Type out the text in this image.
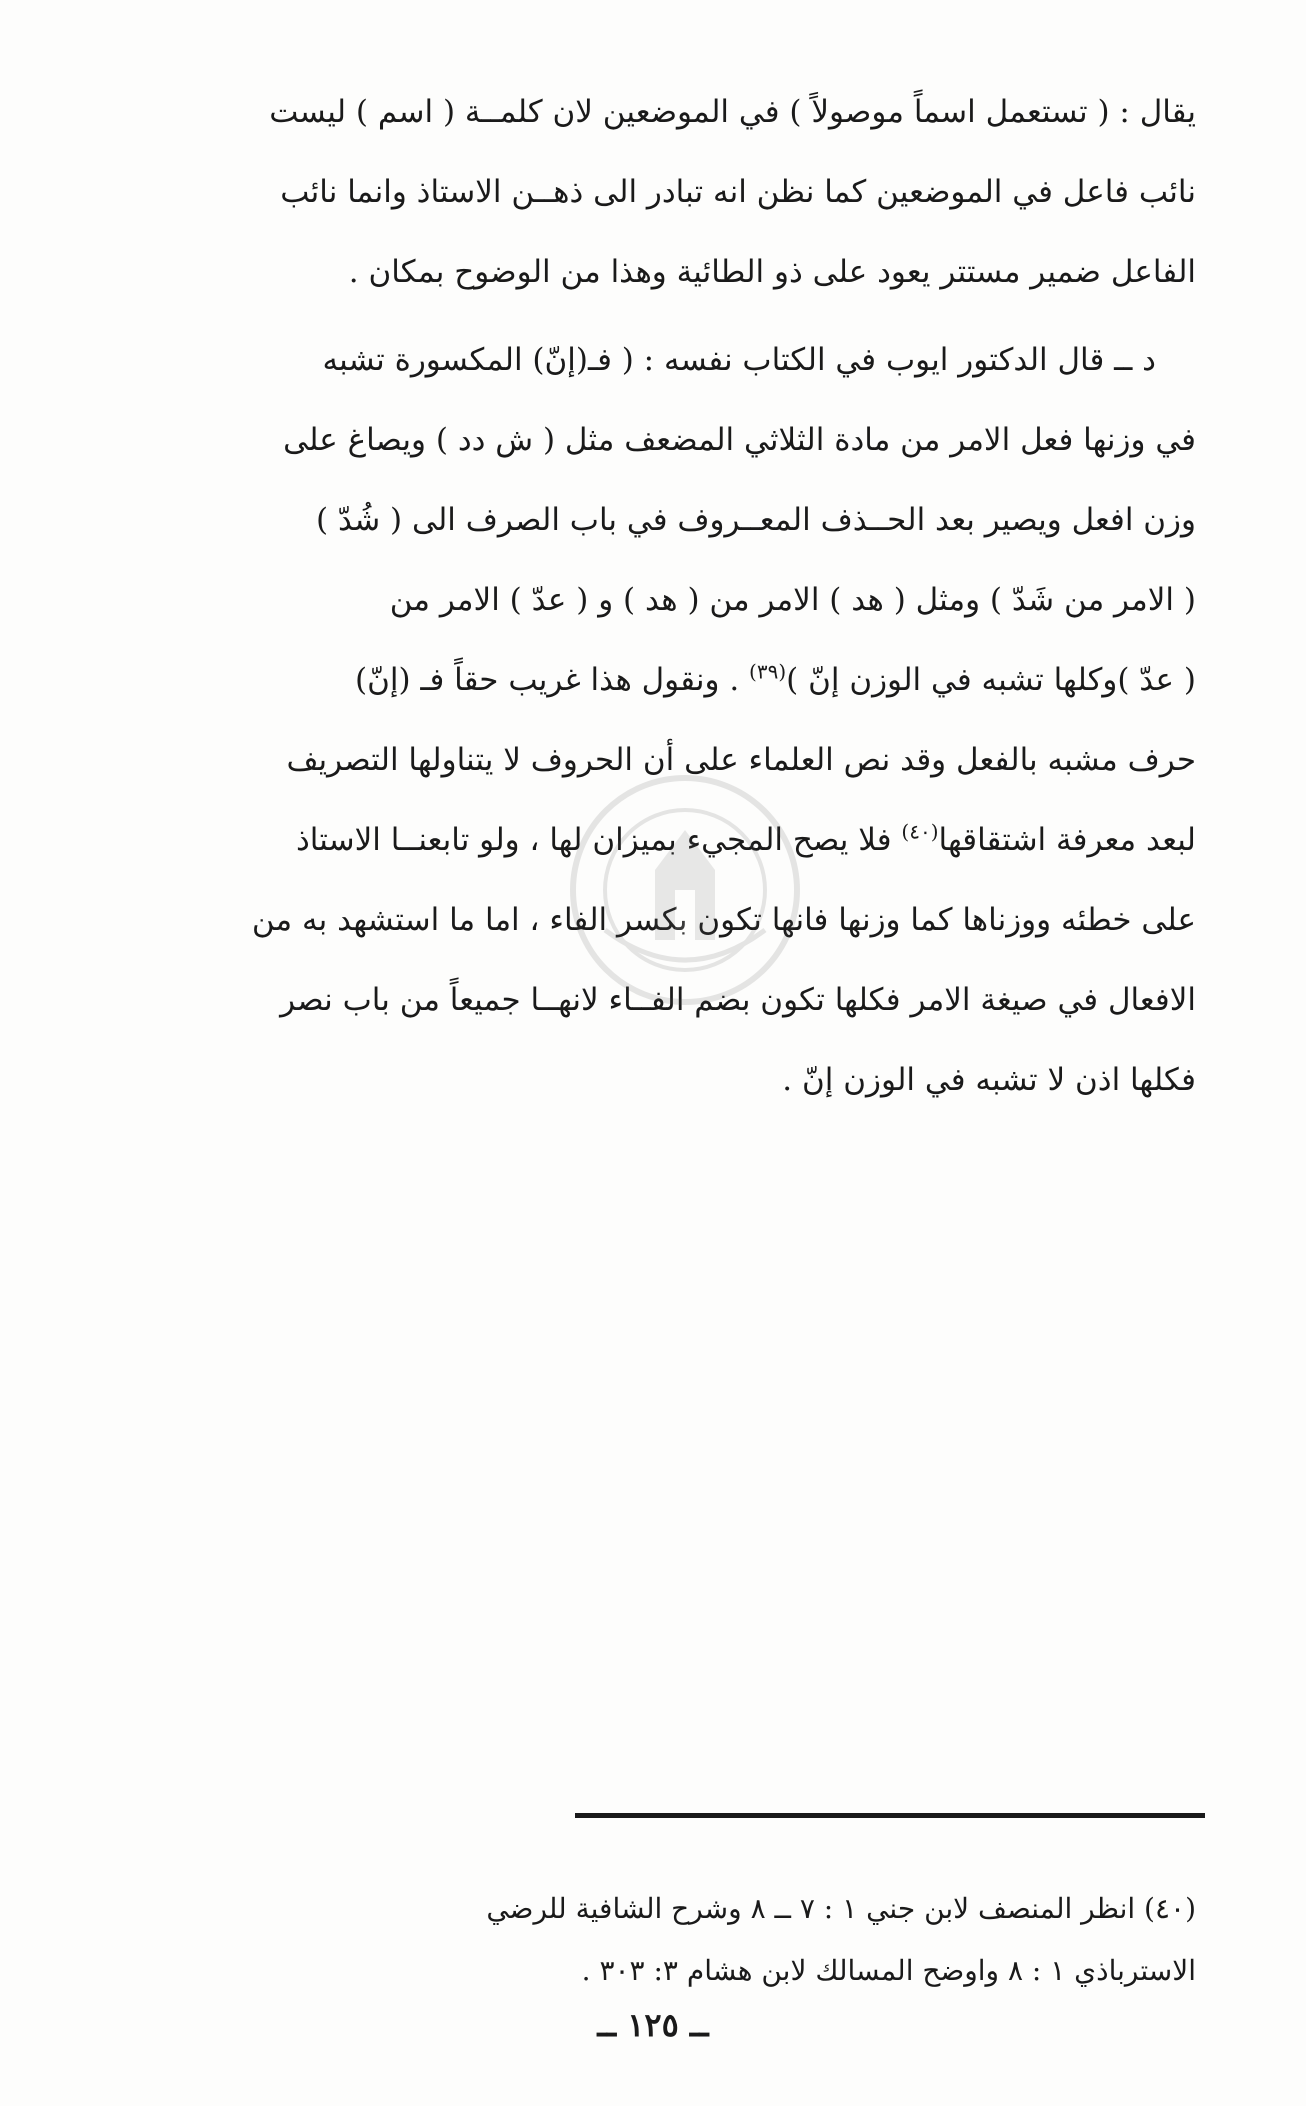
يقال : ( تستعمل اسماً موصولاً ) في الموضعين لان كلمــة ( اسم ) ليست
نائب فاعل في الموضعين كما نظن انه تبادر الى ذهــن الاستاذ وانما نائب
الفاعل ضمير مستتر يعود على ذو الطائية وهذا من الوضوح بمكان .
د ــ قال الدكتور ايوب في الكتاب نفسه : ( فـ(إنّ) المكسورة تشبه
في وزنها فعل الامر من مادة الثلاثي المضعف مثل ( ش دد ) ويصاغ على
وزن افعل ويصير بعد الحــذف المعــروف في باب الصرف الى ( شُدّ )
( الامر من شَدّ ) ومثل ( هد ) الامر من ( هد ) و ( عدّ ) الامر من
( عدّ )وكلها تشبه في الوزن إنّ )$^{(٣٩)}$ . ونقول هذا غريب حقاً فـ (إنّ)
حرف مشبه بالفعل وقد نص العلماء على أن الحروف لا يتناولها التصريف
لبعد معرفة اشتقاقها$^{(٤٠)}$ فلا يصح المجيء بميزان لها ، ولو تابعنــا الاستاذ
على خطئه ووزناها كما وزنها فانها تكون بكسر الفاء ، اما ما استشهد به من
الافعال في صيغة الامر فكلها تكون بضم الفــاء لانهــا جميعاً من باب نصر
فكلها اذن لا تشبه في الوزن إنّ .
(٤٠) انظر المنصف لابن جني ١ : ٧ ــ ٨ وشرح الشافية للرضي
الاسترباذي ١ : ٨ واوضح المسالك لابن هشام ٣: ٣٠٣ .
ــ ١٢٥ ــ
